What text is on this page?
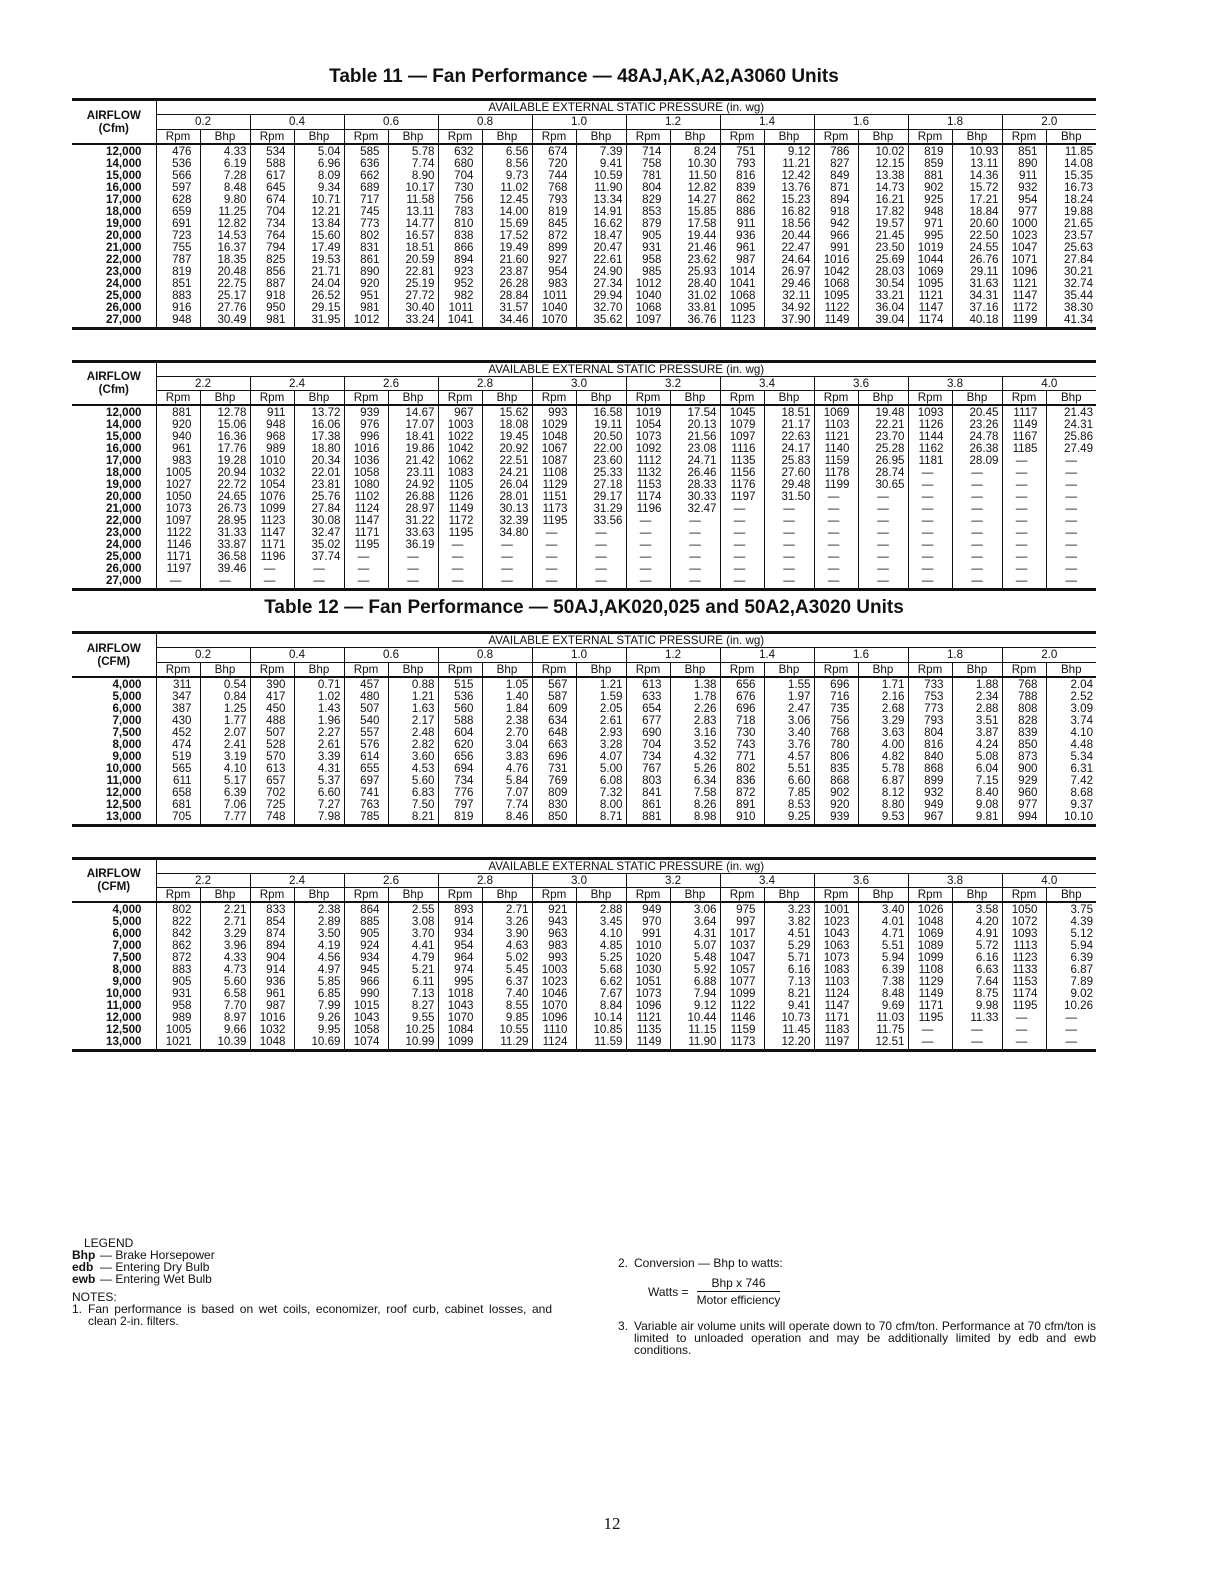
Table 11 — Fan Performance — 48AJ,AK,A2,A3060 Units
AIRFLOW (Cfm)	AVAILABLE EXTERNAL STATIC PRESSURE (in. wg)																			
	0.2		0.4		0.6		0.8		1.0		1.2		1.4		1.6		1.8		2.0	
	Rpm	Bhp	Rpm	Bhp	Rpm	Bhp	Rpm	Bhp	Rpm	Bhp	Rpm	Bhp	Rpm	Bhp	Rpm	Bhp	Rpm	Bhp	Rpm	Bhp
12,000	476	4.33	534	5.04	585	5.78	632	6.56	674	7.39	714	8.24	751	9.12	786	10.02	819	10.93	851	11.85
14,000	536	6.19	588	6.96	636	7.74	680	8.56	720	9.41	758	10.30	793	11.21	827	12.15	859	13.11	890	14.08
15,000	566	7.28	617	8.09	662	8.90	704	9.73	744	10.59	781	11.50	816	12.42	849	13.38	881	14.36	911	15.35
16,000	597	8.48	645	9.34	689	10.17	730	11.02	768	11.90	804	12.82	839	13.76	871	14.73	902	15.72	932	16.73
17,000	628	9.80	674	10.71	717	11.58	756	12.45	793	13.34	829	14.27	862	15.23	894	16.21	925	17.21	954	18.24
18,000	659	11.25	704	12.21	745	13.11	783	14.00	819	14.91	853	15.85	886	16.82	918	17.82	948	18.84	977	19.88
19,000	691	12.82	734	13.84	773	14.77	810	15.69	845	16.62	879	17.58	911	18.56	942	19.57	971	20.60	1000	21.65
20,000	723	14.53	764	15.60	802	16.57	838	17.52	872	18.47	905	19.44	936	20.44	966	21.45	995	22.50	1023	23.57
21,000	755	16.37	794	17.49	831	18.51	866	19.49	899	20.47	931	21.46	961	22.47	991	23.50	1019	24.55	1047	25.63
22,000	787	18.35	825	19.53	861	20.59	894	21.60	927	22.61	958	23.62	987	24.64	1016	25.69	1044	26.76	1071	27.84
23,000	819	20.48	856	21.71	890	22.81	923	23.87	954	24.90	985	25.93	1014	26.97	1042	28.03	1069	29.11	1096	30.21
24,000	851	22.75	887	24.04	920	25.19	952	26.28	983	27.34	1012	28.40	1041	29.46	1068	30.54	1095	31.63	1121	32.74
25,000	883	25.17	918	26.52	951	27.72	982	28.84	1011	29.94	1040	31.02	1068	32.11	1095	33.21	1121	34.31	1147	35.44
26,000	916	27.76	950	29.15	981	30.40	1011	31.57	1040	32.70	1068	33.81	1095	34.92	1122	36.04	1147	37.16	1172	38.30
27,000	948	30.49	981	31.95	1012	33.24	1041	34.46	1070	35.62	1097	36.76	1123	37.90	1149	39.04	1174	40.18	1199	41.34
AIRFLOW (Cfm)	AVAILABLE EXTERNAL STATIC PRESSURE (in. wg)																			
	2.2		2.4		2.6		2.8		3.0		3.2		3.4		3.6		3.8		4.0	
	Rpm	Bhp	Rpm	Bhp	Rpm	Bhp	Rpm	Bhp	Rpm	Bhp	Rpm	Bhp	Rpm	Bhp	Rpm	Bhp	Rpm	Bhp	Rpm	Bhp
12,000	881	12.78	911	13.72	939	14.67	967	15.62	993	16.58	1019	17.54	1045	18.51	1069	19.48	1093	20.45	1117	21.43
14,000	920	15.06	948	16.06	976	17.07	1003	18.08	1029	19.11	1054	20.13	1079	21.17	1103	22.21	1126	23.26	1149	24.31
15,000	940	16.36	968	17.38	996	18.41	1022	19.45	1048	20.50	1073	21.56	1097	22.63	1121	23.70	1144	24.78	1167	25.86
16,000	961	17.76	989	18.80	1016	19.86	1042	20.92	1067	22.00	1092	23.08	1116	24.17	1140	25.28	1162	26.38	1185	27.49
17,000	983	19.28	1010	20.34	1036	21.42	1062	22.51	1087	23.60	1112	24.71	1135	25.83	1159	26.95	1181	28.09	—	—
18,000	1005	20.94	1032	22.01	1058	23.11	1083	24.21	1108	25.33	1132	26.46	1156	27.60	1178	28.74	—	—	—	—
19,000	1027	22.72	1054	23.81	1080	24.92	1105	26.04	1129	27.18	1153	28.33	1176	29.48	1199	30.65	—	—	—	—
20,000	1050	24.65	1076	25.76	1102	26.88	1126	28.01	1151	29.17	1174	30.33	1197	31.50	—	—	—	—	—	—
21,000	1073	26.73	1099	27.84	1124	28.97	1149	30.13	1173	31.29	1196	32.47	—	—	—	—	—	—	—	—
22,000	1097	28.95	1123	30.08	1147	31.22	1172	32.39	1195	33.56	—	—	—	—	—	—	—	—	—	—
23,000	1122	31.33	1147	32.47	1171	33.63	1195	34.80	—	—	—	—	—	—	—	—	—	—	—	—
24,000	1146	33.87	1171	35.02	1195	36.19	—	—	—	—	—	—	—	—	—	—	—	—	—	—
25,000	1171	36.58	1196	37.74	—	—	—	—	—	—	—	—	—	—	—	—	—	—	—	—
26,000	1197	39.46	—	—	—	—	—	—	—	—	—	—	—	—	—	—	—	—	—	—
27,000	—	—	—	—	—	—	—	—	—	—	—	—	—	—	—	—	—	—	—	—
Table 12 — Fan Performance — 50AJ,AK020,025 and 50A2,A3020 Units
AIRFLOW (CFM)	AVAILABLE EXTERNAL STATIC PRESSURE (in. wg)																			
	0.2		0.4		0.6		0.8		1.0		1.2		1.4		1.6		1.8		2.0	
	Rpm	Bhp	Rpm	Bhp	Rpm	Bhp	Rpm	Bhp	Rpm	Bhp	Rpm	Bhp	Rpm	Bhp	Rpm	Bhp	Rpm	Bhp	Rpm	Bhp
4,000	311	0.54	390	0.71	457	0.88	515	1.05	567	1.21	613	1.38	656	1.55	696	1.71	733	1.88	768	2.04
5,000	347	0.84	417	1.02	480	1.21	536	1.40	587	1.59	633	1.78	676	1.97	716	2.16	753	2.34	788	2.52
6,000	387	1.25	450	1.43	507	1.63	560	1.84	609	2.05	654	2.26	696	2.47	735	2.68	773	2.88	808	3.09
7,000	430	1.77	488	1.96	540	2.17	588	2.38	634	2.61	677	2.83	718	3.06	756	3.29	793	3.51	828	3.74
7,500	452	2.07	507	2.27	557	2.48	604	2.70	648	2.93	690	3.16	730	3.40	768	3.63	804	3.87	839	4.10
8,000	474	2.41	528	2.61	576	2.82	620	3.04	663	3.28	704	3.52	743	3.76	780	4.00	816	4.24	850	4.48
9,000	519	3.19	570	3.39	614	3.60	656	3.83	696	4.07	734	4.32	771	4.57	806	4.82	840	5.08	873	5.34
10,000	565	4.10	613	4.31	655	4.53	694	4.76	731	5.00	767	5.26	802	5.51	835	5.78	868	6.04	900	6.31
11,000	611	5.17	657	5.37	697	5.60	734	5.84	769	6.08	803	6.34	836	6.60	868	6.87	899	7.15	929	7.42
12,000	658	6.39	702	6.60	741	6.83	776	7.07	809	7.32	841	7.58	872	7.85	902	8.12	932	8.40	960	8.68
12,500	681	7.06	725	7.27	763	7.50	797	7.74	830	8.00	861	8.26	891	8.53	920	8.80	949	9.08	977	9.37
13,000	705	7.77	748	7.98	785	8.21	819	8.46	850	8.71	881	8.98	910	9.25	939	9.53	967	9.81	994	10.10
AIRFLOW (CFM)	AVAILABLE EXTERNAL STATIC PRESSURE (in. wg)																			
	2.2		2.4		2.6		2.8		3.0		3.2		3.4		3.6		3.8		4.0	
	Rpm	Bhp	Rpm	Bhp	Rpm	Bhp	Rpm	Bhp	Rpm	Bhp	Rpm	Bhp	Rpm	Bhp	Rpm	Bhp	Rpm	Bhp	Rpm	Bhp
4,000	802	2.21	833	2.38	864	2.55	893	2.71	921	2.88	949	3.06	975	3.23	1001	3.40	1026	3.58	1050	3.75
5,000	822	2.71	854	2.89	885	3.08	914	3.26	943	3.45	970	3.64	997	3.82	1023	4.01	1048	4.20	1072	4.39
6,000	842	3.29	874	3.50	905	3.70	934	3.90	963	4.10	991	4.31	1017	4.51	1043	4.71	1069	4.91	1093	5.12
7,000	862	3.96	894	4.19	924	4.41	954	4.63	983	4.85	1010	5.07	1037	5.29	1063	5.51	1089	5.72	1113	5.94
7,500	872	4.33	904	4.56	934	4.79	964	5.02	993	5.25	1020	5.48	1047	5.71	1073	5.94	1099	6.16	1123	6.39
8,000	883	4.73	914	4.97	945	5.21	974	5.45	1003	5.68	1030	5.92	1057	6.16	1083	6.39	1108	6.63	1133	6.87
9,000	905	5.60	936	5.85	966	6.11	995	6.37	1023	6.62	1051	6.88	1077	7.13	1103	7.38	1129	7.64	1153	7.89
10,000	931	6.58	961	6.85	990	7.13	1018	7.40	1046	7.67	1073	7.94	1099	8.21	1124	8.48	1149	8.75	1174	9.02
11,000	958	7.70	987	7.99	1015	8.27	1043	8.55	1070	8.84	1096	9.12	1122	9.41	1147	9.69	1171	9.98	1195	10.26
12,000	989	8.97	1016	9.26	1043	9.55	1070	9.85	1096	10.14	1121	10.44	1146	10.73	1171	11.03	1195	11.33	—	—
12,500	1005	9.66	1032	9.95	1058	10.25	1084	10.55	1110	10.85	1135	11.15	1159	11.45	1183	11.75	—	—	—	—
13,000	1021	10.39	1048	10.69	1074	10.99	1099	11.29	1124	11.59	1149	11.90	1173	12.20	1197	12.51	—	—	—	—

LEGEND

Bhp — Brake Horsepower

edb — Entering Dry Bulb

ewb — Entering Wet Bulb

NOTES:

1. Fan performance is based on wet coils, economizer, roof curb, cabinet losses, and clean 2-in. filters.
2. Conversion — Bhp to watts:
Watts =
Bhp x 746
Motor efficiency
3. Variable air volume units will operate down to 70 cfm/ton. Performance at 70 cfm/ton is limited to unloaded operation and may be additionally limited by edb and ewb conditions.
12
